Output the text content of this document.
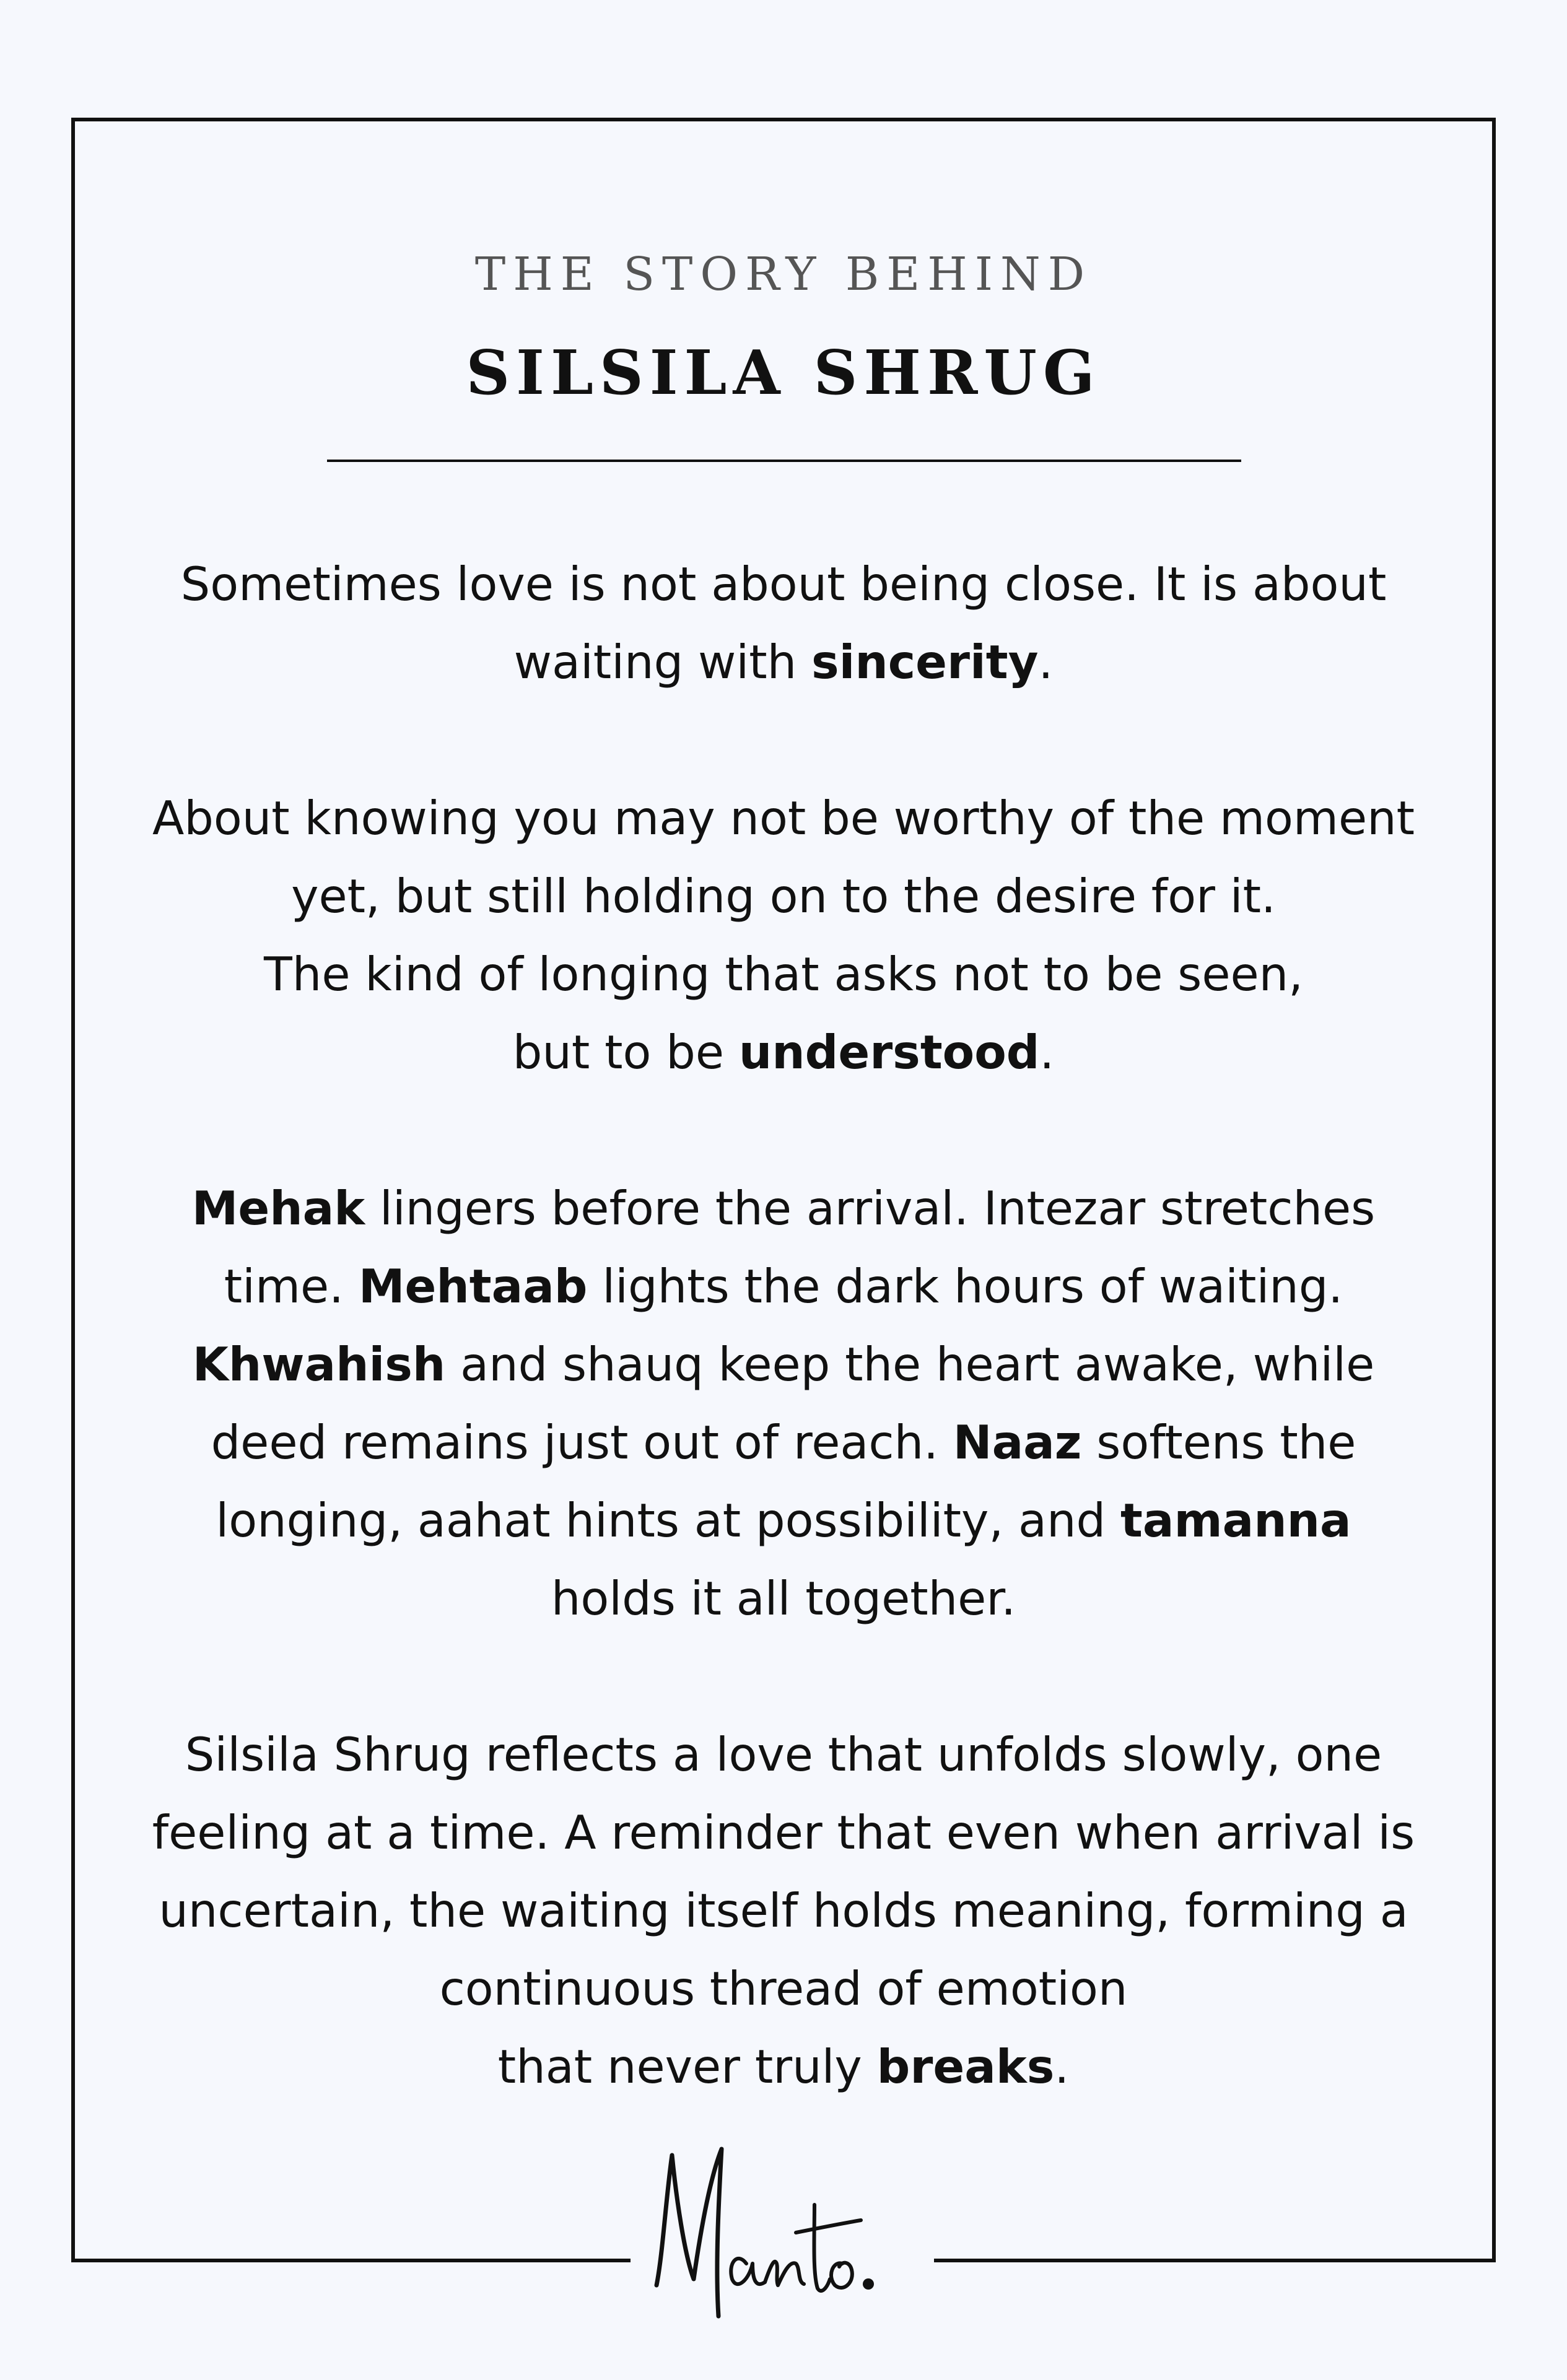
THE STORY BEHIND
SILSILA SHRUG

Sometimes love is not about being close. It is about
waiting with sincerity.

About knowing you may not be worthy of the moment
yet, but still holding on to the desire for it.
The kind of longing that asks not to be seen,
but to be understood.

Mehak lingers before the arrival. Intezar stretches
time. Mehtaab lights the dark hours of waiting.
Khwahish and shauq keep the heart awake, while
deed remains just out of reach. Naaz softens the
longing, aahat hints at possibility, and tamanna
holds it all together.

Silsila Shrug reflects a love that unfolds slowly, one
feeling at a time. A reminder that even when arrival is
uncertain, the waiting itself holds meaning, forming a
continuous thread of emotion
that never truly breaks.
